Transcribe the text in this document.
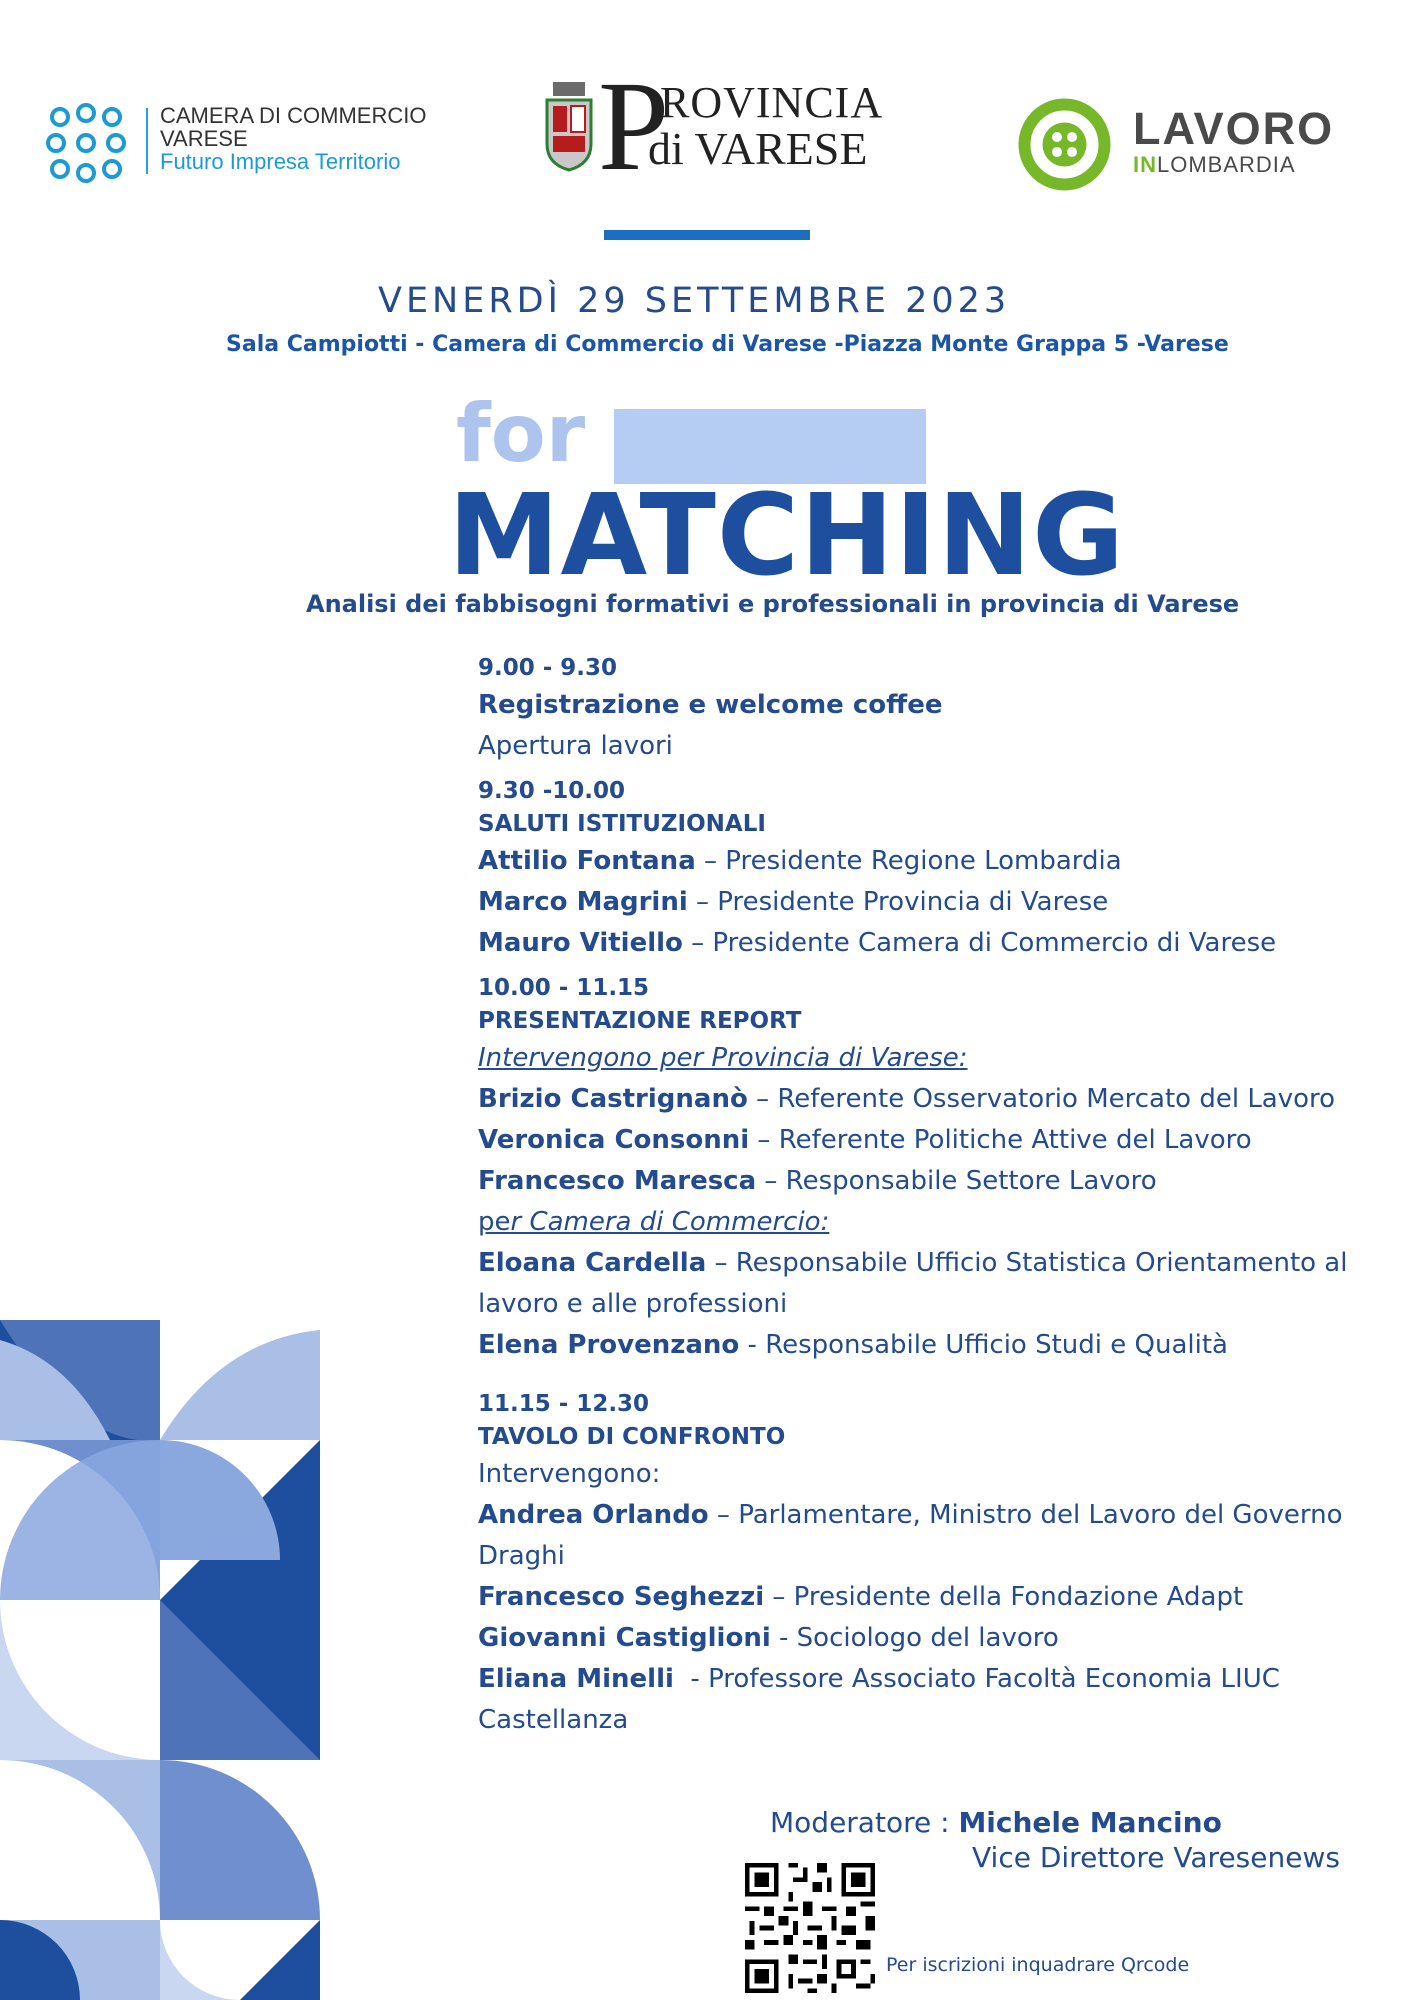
CAMERA DI COMMERCIO
VARESE
Futuro Impresa Territorio P
ROVINCIA
di VARESE	LAVORO
INLOMBARDIA
VENERDÌ 29 SETTEMBRE 2023
Sala Campiotti - Camera di Commercio di Varese -Piazza Monte Grappa 5 -Varese
for
MATCHING
Analisi dei fabbisogni formativi e professionali in provincia di Varese
9.00 - 9.30
Registrazione e welcome coffee
Apertura lavori
9.30 -10.00
SALUTI ISTITUZIONALI
Attilio Fontana – Presidente Regione Lombardia
Marco Magrini – Presidente Provincia di Varese
Mauro Vitiello – Presidente Camera di Commercio di Varese
10.00 - 11.15
PRESENTAZIONE REPORT
Intervengono per Provincia di Varese:
Brizio Castrignanò – Referente Osservatorio Mercato del Lavoro
Veronica Consonni – Referente Politiche Attive del Lavoro
Francesco Maresca – Responsabile Settore Lavoro
per Camera di Commercio:
Eloana Cardella – Responsabile Ufficio Statistica Orientamento al
lavoro e alle professioni
Elena Provenzano - Responsabile Ufficio Studi e Qualità
11.15 - 12.30
TAVOLO DI CONFRONTO
Intervengono:
Andrea Orlando – Parlamentare, Ministro del Lavoro del Governo
Draghi
Francesco Seghezzi – Presidente della Fondazione Adapt
Giovanni Castiglioni - Sociologo del lavoro
Eliana Minelli  - Professore Associato Facoltà Economia LIUC
Castellanza
Moderatore : Michele Mancino
Vice Direttore Varesenews
Per iscrizioni inquadrare Qrcode
